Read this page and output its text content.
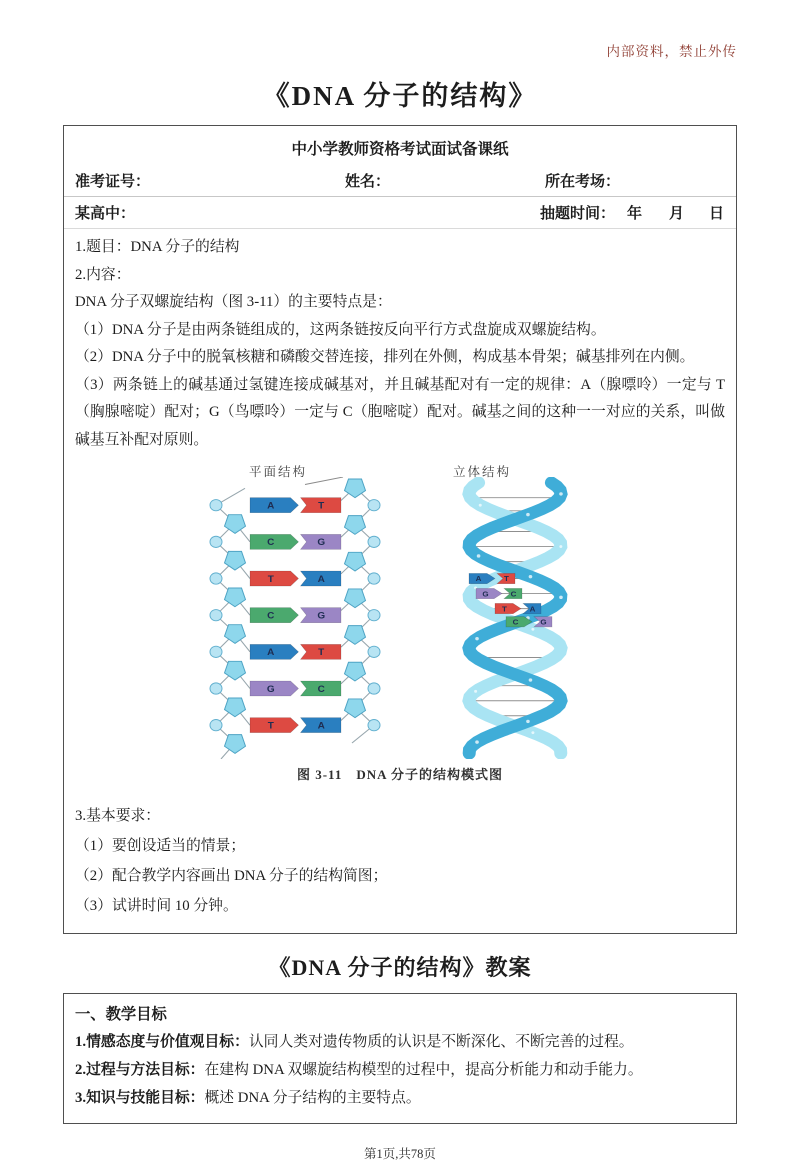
内部资料，禁止外传
《DNA 分子的结构》
中小学教师资格考试面试备课纸
准考证号：	姓名：	所在考场：
某高中：	抽题时间： 年 月 日

1.题目：DNA 分子的结构

2.内容：

DNA 分子双螺旋结构（图 3-11）的主要特点是：

（1）DNA 分子是由两条链组成的，这两条链按反向平行方式盘旋成双螺旋结构。

（2）DNA 分子中的脱氧核糖和磷酸交替连接，排列在外侧，构成基本骨架；碱基排列在内侧。

（3）两条链上的碱基通过氢键连接成碱基对，并且碱基配对有一定的规律：A（腺嘌呤）一定与 T（胸腺嘧啶）配对；G（鸟嘌呤）一定与 C（胞嘧啶）配对。碱基之间的这种一一对应的关系，叫做碱基互补配对原则。

平面结构
A	T
C	G
T	A
C	G
A	T
G	C
T	A
立体结构
A	T
G	C
T	A
C	G
图 3-11　DNA 分子的结构模式图

3.基本要求：

（1）要创设适当的情景；

（2）配合教学内容画出 DNA 分子的结构简图；

（3）试讲时间 10 分钟。

《DNA 分子的结构》教案

一、教学目标

1.情感态度与价值观目标：认同人类对遗传物质的认识是不断深化、不断完善的过程。

2.过程与方法目标：在建构 DNA 双螺旋结构模型的过程中，提高分析能力和动手能力。

3.知识与技能目标：概述 DNA 分子结构的主要特点。

第1页,共78页
